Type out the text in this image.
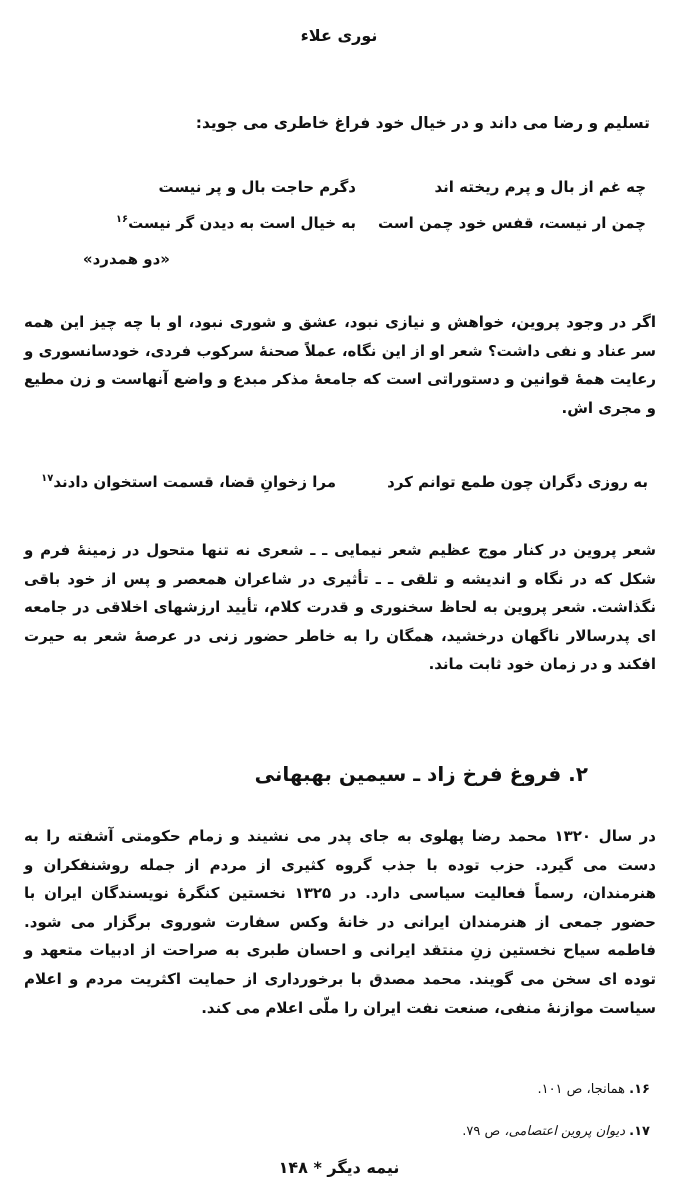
نوری علاء
تسلیم و رضا می داند و در خیال خود فراغ خاطری می جوید:
چه غم از بال و پرم ریخته اند
دگرم حاجت بال و پر نیست
چمن ار نیست، قفس خود چمن است
به خیال است به دیدن گر نیست$^{۱۶}$
«دو همدرد»
اگر در وجود پروین، خواهش و نیازی نبود، عشق و شوری نبود، او با چه چیز این همه سر عناد و نفی داشت؟ شعر او از این نگاه، عملاً صحنهٔ سرکوب فردی، خودسانسوری و رعایت همهٔ قوانین و دستوراتی است که جامعهٔ مذکر مبدع و واضع آنهاست و زن مطیع و مجری اش.
به روزی دگران چون طمع توانم کرد
مرا زخوانِ قضا، قسمت استخوان دادند$^{۱۷}$
شعر پروین در کنار موج عظیم شعر نیمایی ـ ـ شعری نه تنها متحول در زمینهٔ فرم و شکل که در نگاه و اندیشه و تلقی ـ ـ تأثیری در شاعران همعصر و پس از خود باقی نگذاشت. شعر پروین به لحاظ سخنوری و قدرت کلام، تأیید ارزشهای اخلاقی در جامعه ای پدرسالار ناگهان درخشید، همگان را به خاطر حضور زنی در عرصهٔ شعر به حیرت افکند و در زمان خود ثابت ماند.
۲. فروغ فرخ زاد ـ سیمین بهبهانی
در سال ۱۳۲۰ محمد رضا پهلوی به جای پدر می نشیند و زمام حکومتی آشفته را به دست می گیرد. حزب توده با جذب گروه کثیری از مردم از جمله روشنفکران و هنرمندان، رسماً فعالیت سیاسی دارد. در ۱۳۲۵ نخستین کنگرهٔ نویسندگان ایران با حضور جمعی از هنرمندان ایرانی در خانهٔ وکس سفارت شوروی برگزار می شود. فاطمه سیاح نخستین زنِ منتقد ایرانی و احسان طبری به صراحت از ادبیات متعهد و توده ای سخن می گویند. محمد مصدق با برخورداری از حمایت اکثریت مردم و اعلام سیاست موازنهٔ منفی، صنعت نفت ایران را ملّی اعلام می کند.
۱۶. همانجا، ص ۱۰۱.
۱۷. دیوان پروین اعتصامی، ص ۷۹.
نیمه دیگر * ۱۴۸
